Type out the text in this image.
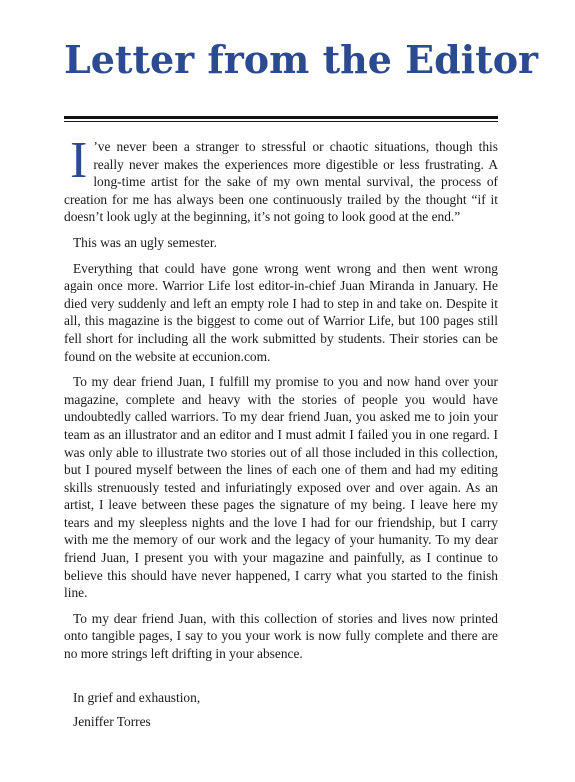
Letter from the Editor

I ’ve never been a stranger to stressful or chaotic situations, though this really never makes the experiences more digestible or less frustrating. A long-time artist for the sake of my own mental survival, the process of creation for me has always been one continuously trailed by the thought “if it doesn’t look ugly at the beginning, it’s not going to look good at the end.”

This was an ugly semester.

Everything that could have gone wrong went wrong and then went wrong again once more. Warrior Life lost editor-in-chief Juan Miranda in January. He died very suddenly and left an empty role I had to step in and take on. Despite it all, this magazine is the biggest to come out of Warrior Life, but 100 pages still fell short for including all the work submitted by students. Their stories can be found on the website at eccunion.com.

To my dear friend Juan, I fulfill my promise to you and now hand over your magazine, complete and heavy with the stories of people you would have undoubtedly called warriors. To my dear friend Juan, you asked me to join your team as an illustrator and an editor and I must admit I failed you in one regard. I was only able to illustrate two stories out of all those included in this collection, but I poured myself between the lines of each one of them and had my editing skills strenuously tested and infuriatingly exposed over and over again. As an artist, I leave between these pages the signature of my being. I leave here my tears and my sleepless nights and the love I had for our friendship, but I carry with me the memory of our work and the legacy of your humanity. To my dear friend Juan, I present you with your magazine and painfully, as I continue to believe this should have never happened, I carry what you started to the finish line.

To my dear friend Juan, with this collection of stories and lives now printed onto tangible pages, I say to you your work is now fully complete and there are no more strings left drifting in your absence.

In grief and exhaustion,
Jeniffer Torres
